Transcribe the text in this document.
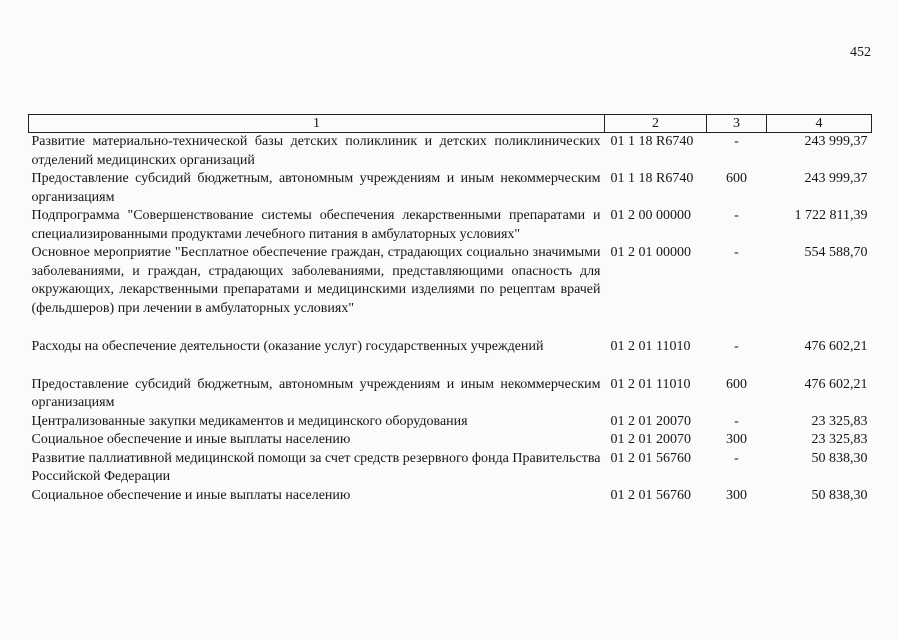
452
1	2	3	4
Развитие материально-технической базы детских поликлиник и детских поликлинических отделений медицинских организаций	01 1 18 R6740	-	243 999,37
Предоставление субсидий бюджетным, автономным учреждениям и иным некоммерческим организациям	01 1 18 R6740	600	243 999,37
Подпрограмма "Совершенствование системы обеспечения лекарственными препаратами и специализированными продуктами лечебного питания в амбулаторных условиях"	01 2 00 00000	-	1 722 811,39
Основное мероприятие "Бесплатное обеспечение граждан, страдающих социально значимыми заболеваниями, и граждан, страдающих заболеваниями, представляющими опасность для окружающих, лекарственными препаратами и медицинскими изделиями по рецептам врачей (фельдшеров) при лечении в амбулаторных условиях"	01 2 01 00000	-	554 588,70
Расходы на обеспечение деятельности (оказание услуг) государственных учреждений	01 2 01 11010	-	476 602,21
Предоставление субсидий бюджетным, автономным учреждениям и иным некоммерческим организациям	01 2 01 11010	600	476 602,21
Централизованные закупки медикаментов и медицинского оборудования	01 2 01 20070	-	23 325,83
Социальное обеспечение и иные выплаты населению	01 2 01 20070	300	23 325,83
Развитие паллиативной медицинской помощи за счет средств резервного фонда Правительства Российской Федерации	01 2 01 56760	-	50 838,30
Социальное обеспечение и иные выплаты населению	01 2 01 56760	300	50 838,30
